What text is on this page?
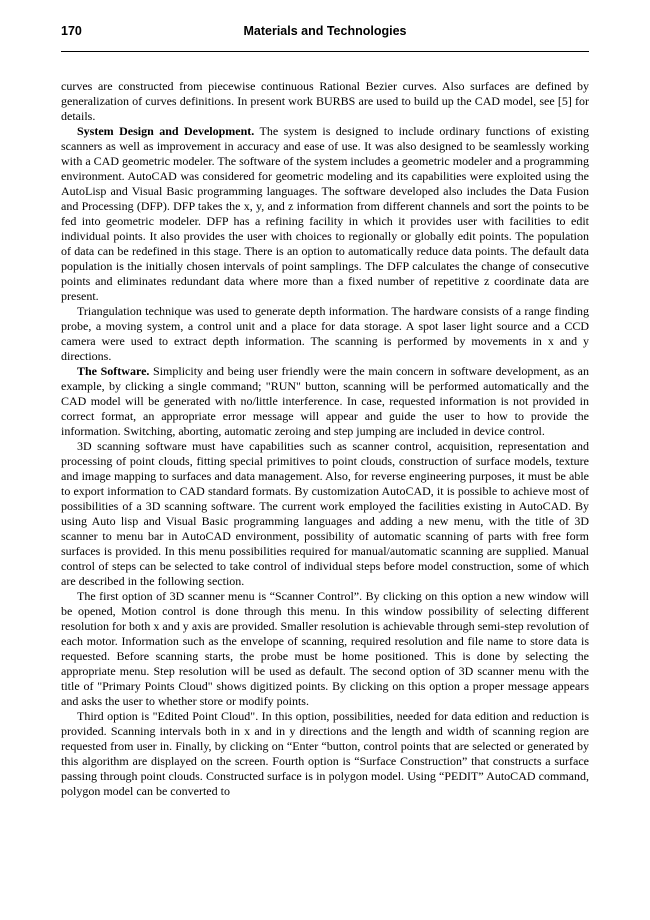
170	Materials and Technologies

curves are constructed from piecewise continuous Rational Bezier curves. Also surfaces are defined by generalization of curves definitions. In present work BURBS are used to build up the CAD model, see [5] for details.

System Design and Development. The system is designed to include ordinary functions of existing scanners as well as improvement in accuracy and ease of use. It was also designed to be seamlessly working with a CAD geometric modeler. The software of the system includes a geometric modeler and a programming environment. AutoCAD was considered for geometric modeling and its capabilities were exploited using the AutoLisp and Visual Basic programming languages. The software developed also includes the Data Fusion and Processing (DFP). DFP takes the x, y, and z information from different channels and sort the points to be fed into geometric modeler. DFP has a refining facility in which it provides user with facilities to edit individual points. It also provides the user with choices to regionally or globally edit points. The population of data can be redefined in this stage. There is an option to automatically reduce data points. The default data population is the initially chosen intervals of point samplings. The DFP calculates the change of consecutive points and eliminates redundant data where more than a fixed number of repetitive z coordinate data are present.

Triangulation technique was used to generate depth information. The hardware consists of a range finding probe, a moving system, a control unit and a place for data storage. A spot laser light source and a CCD camera were used to extract depth information. The scanning is performed by movements in x and y directions.

The Software. Simplicity and being user friendly were the main concern in software development, as an example, by clicking a single command; "RUN" button, scanning will be performed automatically and the CAD model will be generated with no/little interference. In case, requested information is not provided in correct format, an appropriate error message will appear and guide the user to how to provide the information. Switching, aborting, automatic zeroing and step jumping are included in device control.

3D scanning software must have capabilities such as scanner control, acquisition, representation and processing of point clouds, fitting special primitives to point clouds, construction of surface models, texture and image mapping to surfaces and data management. Also, for reverse engineering purposes, it must be able to export information to CAD standard formats. By customization AutoCAD, it is possible to achieve most of possibilities of a 3D scanning software. The current work employed the facilities existing in AutoCAD. By using Auto lisp and Visual Basic programming languages and adding a new menu, with the title of 3D scanner to menu bar in AutoCAD environment, possibility of automatic scanning of parts with free form surfaces is provided. In this menu possibilities required for manual/automatic scanning are supplied. Manual control of steps can be selected to take control of individual steps before model construction, some of which are described in the following section.

The first option of 3D scanner menu is “Scanner Control”. By clicking on this option a new window will be opened, Motion control is done through this menu. In this window possibility of selecting different resolution for both x and y axis are provided. Smaller resolution is achievable through semi-step revolution of each motor. Information such as the envelope of scanning, required resolution and file name to store data is requested. Before scanning starts, the probe must be home positioned. This is done by selecting the appropriate menu. Step resolution will be used as default. The second option of 3D scanner menu with the title of "Primary Points Cloud" shows digitized points. By clicking on this option a proper message appears and asks the user to whether store or modify points.

Third option is "Edited Point Cloud". In this option, possibilities, needed for data edition and reduction is provided. Scanning intervals both in x and in y directions and the length and width of scanning region are requested from user in. Finally, by clicking on “Enter “button, control points that are selected or generated by this algorithm are displayed on the screen. Fourth option is “Surface Construction” that constructs a surface passing through point clouds. Constructed surface is in polygon model. Using “PEDIT” AutoCAD command, polygon model can be converted to
